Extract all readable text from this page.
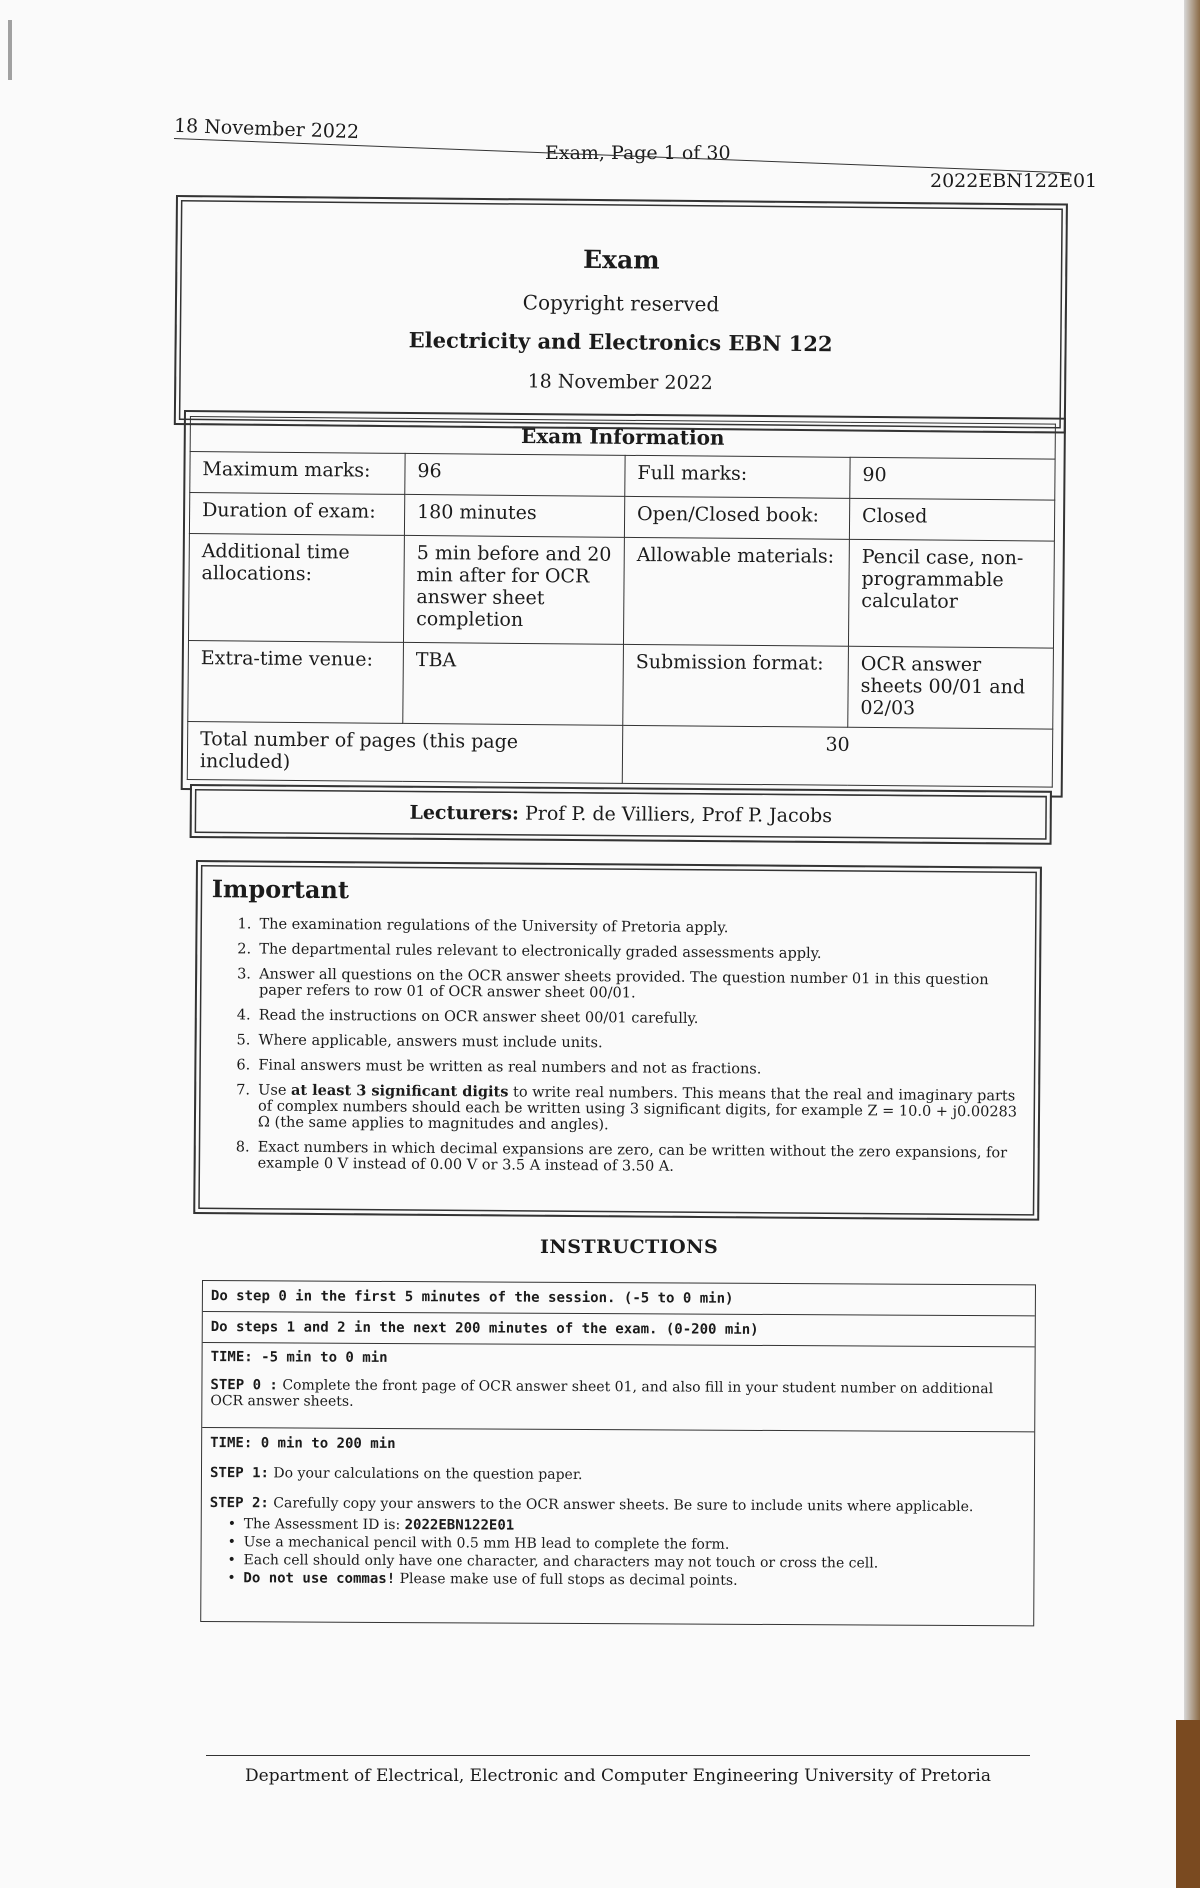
18 November 2022
Exam, Page 1 of 30
2022EBN122E01
Exam
Copyright reserved
Electricity and Electronics EBN 122
18 November 2022
Exam Information			
Maximum marks:	96	Full marks:	90
Duration of exam:	180 minutes	Open/Closed book:	Closed
Additional time allocations:	5 min before and 20 min after for OCR answer sheet completion	Allowable materials:	Pencil case, non-programmable calculator
Extra-time venue:	TBA	Submission format:	OCR answer sheets 00/01 and 02/03
Total number of pages (this page included)		30	
Lecturers: Prof P. de Villiers, Prof P. Jacobs
Important
1. The examination regulations of the University of Pretoria apply.
2. The departmental rules relevant to electronically graded assessments apply.
3. Answer all questions on the OCR answer sheets provided. The question number 01 in this question paper refers to row 01 of OCR answer sheet 00/01.
4. Read the instructions on OCR answer sheet 00/01 carefully.
5. Where applicable, answers must include units.
6. Final answers must be written as real numbers and not as fractions.
7. Use at least 3 significant digits to write real numbers. This means that the real and imaginary parts of complex numbers should each be written using 3 significant digits, for example Z = 10.0 + j0.00283 Ω (the same applies to magnitudes and angles).
8. Exact numbers in which decimal expansions are zero, can be written without the zero expansions, for example 0 V instead of 0.00 V or 3.5 A instead of 3.50 A.
INSTRUCTIONS

Do step 0 in the first 5 minutes of the session. (-5 to 0 min)

Do steps 1 and 2 in the next 200 minutes of the exam. (0-200 min)

TIME: -5 min to 0 min

STEP 0 : Complete the front page of OCR answer sheet 01, and also fill in your student number on additional OCR answer sheets.

TIME: 0 min to 200 min

STEP 1: Do your calculations on the question paper.

STEP 2: Carefully copy your answers to the OCR answer sheets. Be sure to include units where applicable.

• The Assessment ID is: 2022EBN122E01
• Use a mechanical pencil with 0.5 mm HB lead to complete the form.
• Each cell should only have one character, and characters may not touch or cross the cell.
• Do not use commas! Please make use of full stops as decimal points.
Department of Electrical, Electronic and Computer Engineering University of Pretoria
